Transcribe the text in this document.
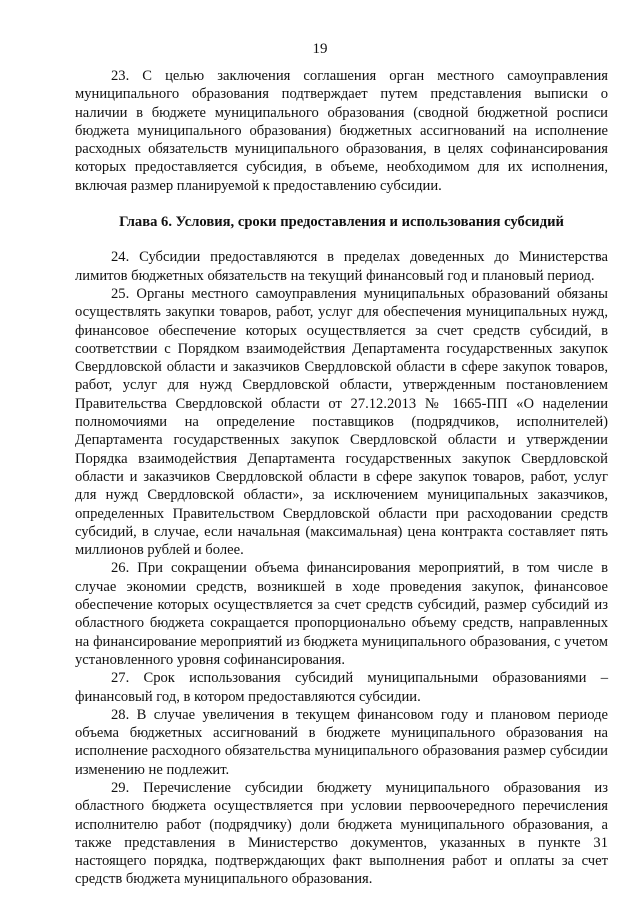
19

23. С целью заключения соглашения орган местного самоуправления муниципального образования подтверждает путем представления выписки о наличии в бюджете муниципального образования (сводной бюджетной росписи бюджета муниципального образования) бюджетных ассигнований на исполнение расходных обязательств муниципального образования, в целях софинансирования которых предоставляется субсидия, в объеме, необходимом для их исполнения, включая размер планируемой к предоставлению субсидии.

Глава 6. Условия, сроки предоставления и использования субсидий

24. Субсидии предоставляются в пределах доведенных до Министерства лимитов бюджетных обязательств на текущий финансовый год и плановый период.

25. Органы местного самоуправления муниципальных образований обязаны осуществлять закупки товаров, работ, услуг для обеспечения муниципальных нужд, финансовое обеспечение которых осуществляется за счет средств субсидий, в соответствии с Порядком взаимодействия Департамента государственных закупок Свердловской области и заказчиков Свердловской области в сфере закупок товаров, работ, услуг для нужд Свердловской области, утвержденным постановлением Правительства Свердловской области от 27.12.2013 № 1665-ПП «О наделении полномочиями на определение поставщиков (подрядчиков, исполнителей) Департамента государственных закупок Свердловской области и утверждении Порядка взаимодействия Департамента государственных закупок Свердловской области и заказчиков Свердловской области в сфере закупок товаров, работ, услуг для нужд Свердловской области», за исключением муниципальных заказчиков, определенных Правительством Свердловской области при расходовании средств субсидий, в случае, если начальная (максимальная) цена контракта составляет пять миллионов рублей и более.

26. При сокращении объема финансирования мероприятий, в том числе в случае экономии средств, возникшей в ходе проведения закупок, финансовое обеспечение которых осуществляется за счет средств субсидий, размер субсидий из областного бюджета сокращается пропорционально объему средств, направленных на финансирование мероприятий из бюджета муниципального образования, с учетом установленного уровня софинансирования.

27. Срок использования субсидий муниципальными образованиями – финансовый год, в котором предоставляются субсидии.

28. В случае увеличения в текущем финансовом году и плановом периоде объема бюджетных ассигнований в бюджете муниципального образования на исполнение расходного обязательства муниципального образования размер субсидии изменению не подлежит.

29. Перечисление субсидии бюджету муниципального образования из областного бюджета осуществляется при условии первоочередного перечисления исполнителю работ (подрядчику) доли бюджета муниципального образования, а также представления в Министерство документов, указанных в пункте 31 настоящего порядка, подтверждающих факт выполнения работ и оплаты за счет средств бюджета муниципального образования.
